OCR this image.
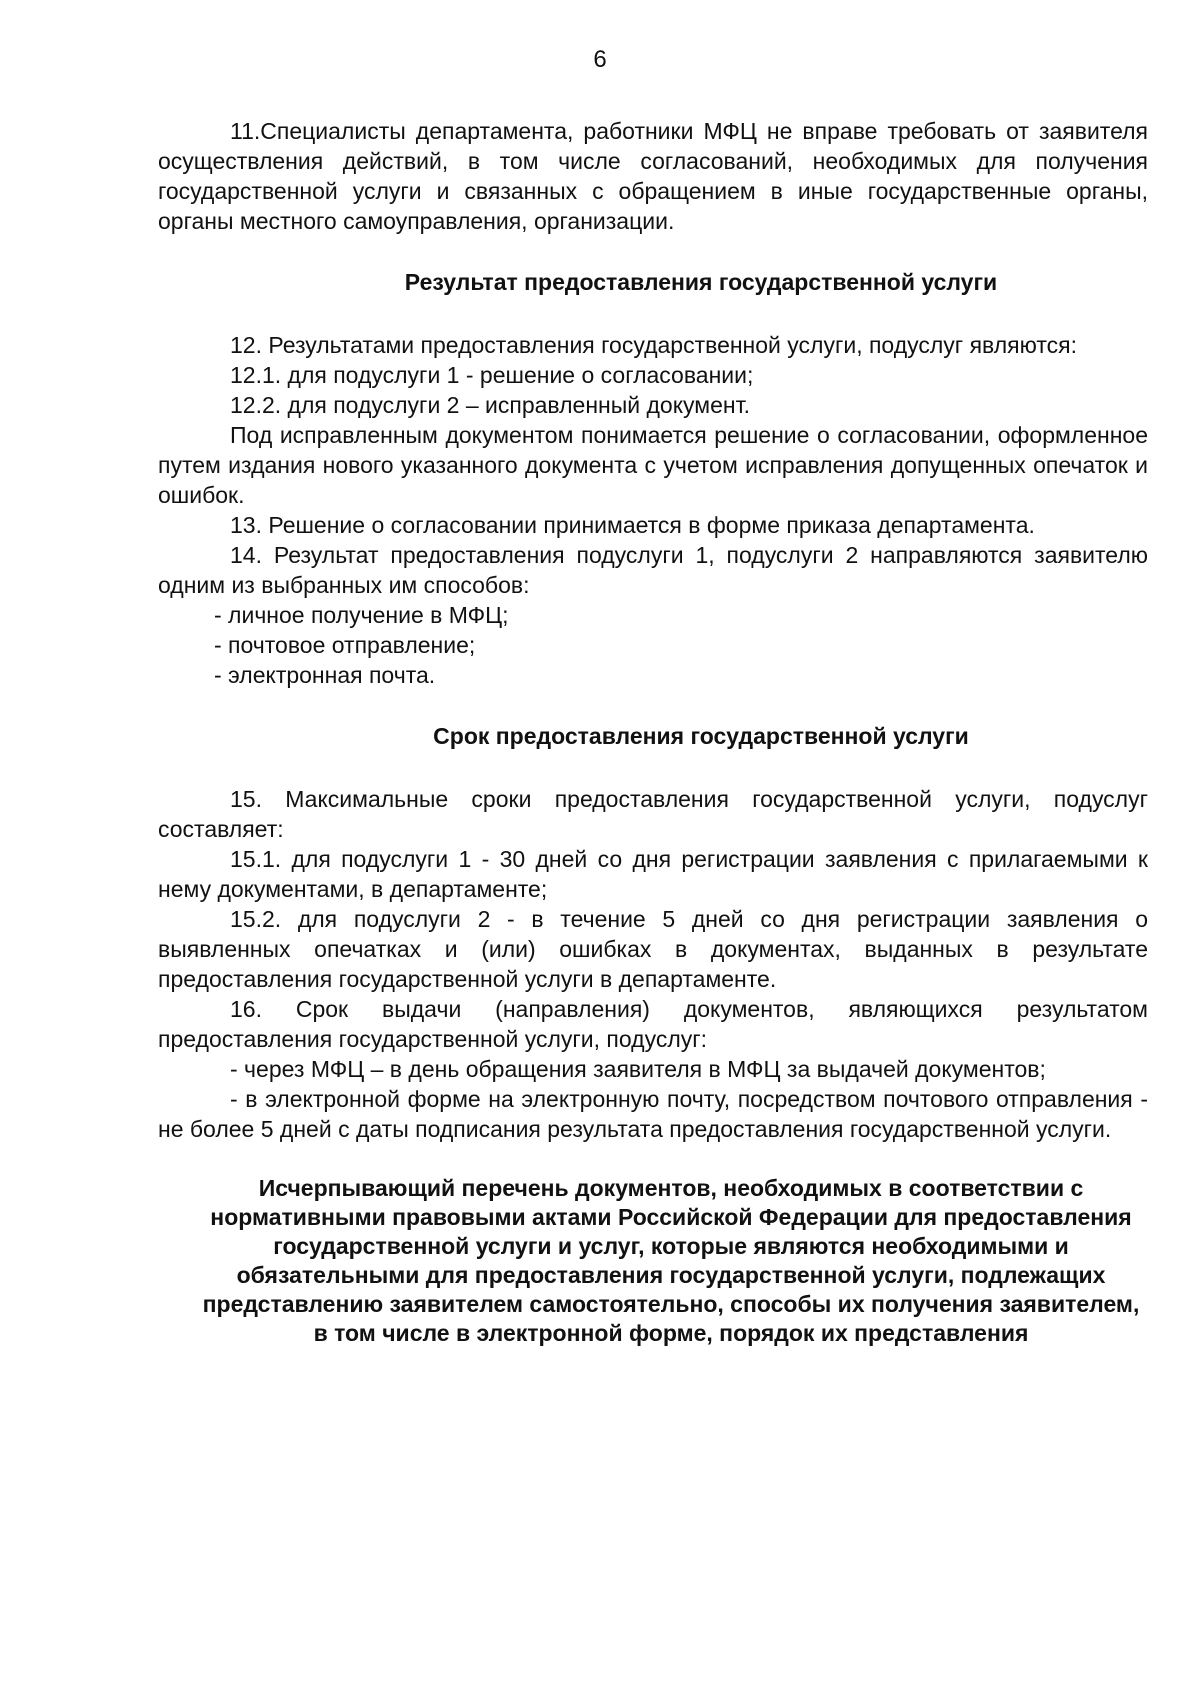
6

11.Специалисты департамента, работники МФЦ не вправе требовать от заявителя осуществления действий, в том числе согласований, необходимых для получения государственной услуги и связанных с обращением в иные государственные органы, органы местного самоуправления, организации.

Результат предоставления государственной услуги

12. Результатами предоставления государственной услуги, подуслуг являются:

12.1. для подуслуги 1 - решение о согласовании;

12.2. для подуслуги 2 – исправленный документ.

Под исправленным документом понимается решение о согласовании, оформленное путем издания нового указанного документа с учетом исправления допущенных опечаток и ошибок.

13. Решение о согласовании принимается в форме приказа департамента.

14. Результат предоставления подуслуги 1, подуслуги 2 направляются заявителю одним из выбранных им способов:

- личное получение в МФЦ;

- почтовое отправление;

- электронная почта.

Срок предоставления государственной услуги

15. Максимальные сроки предоставления государственной услуги, подуслуг составляет:

15.1. для подуслуги 1 - 30 дней со дня регистрации заявления с прилагаемыми к нему документами, в департаменте;

15.2. для подуслуги 2 - в течение 5 дней со дня регистрации заявления о выявленных опечатках и (или) ошибках в документах, выданных в результате предоставления государственной услуги в департаменте.

16. Срок выдачи (направления) документов, являющихся результатом предоставления государственной услуги, подуслуг:

- через МФЦ – в день обращения заявителя в МФЦ за выдачей документов;

- в электронной форме на электронную почту, посредством почтового отправления - не более 5 дней с даты подписания результата предоставления государственной услуги.

Исчерпывающий перечень документов, необходимых в соответствии с нормативными правовыми актами Российской Федерации для предоставления государственной услуги и услуг, которые являются необходимыми и обязательными для предоставления государственной услуги, подлежащих представлению заявителем самостоятельно, способы их получения заявителем, в том числе в электронной форме, порядок их представления
